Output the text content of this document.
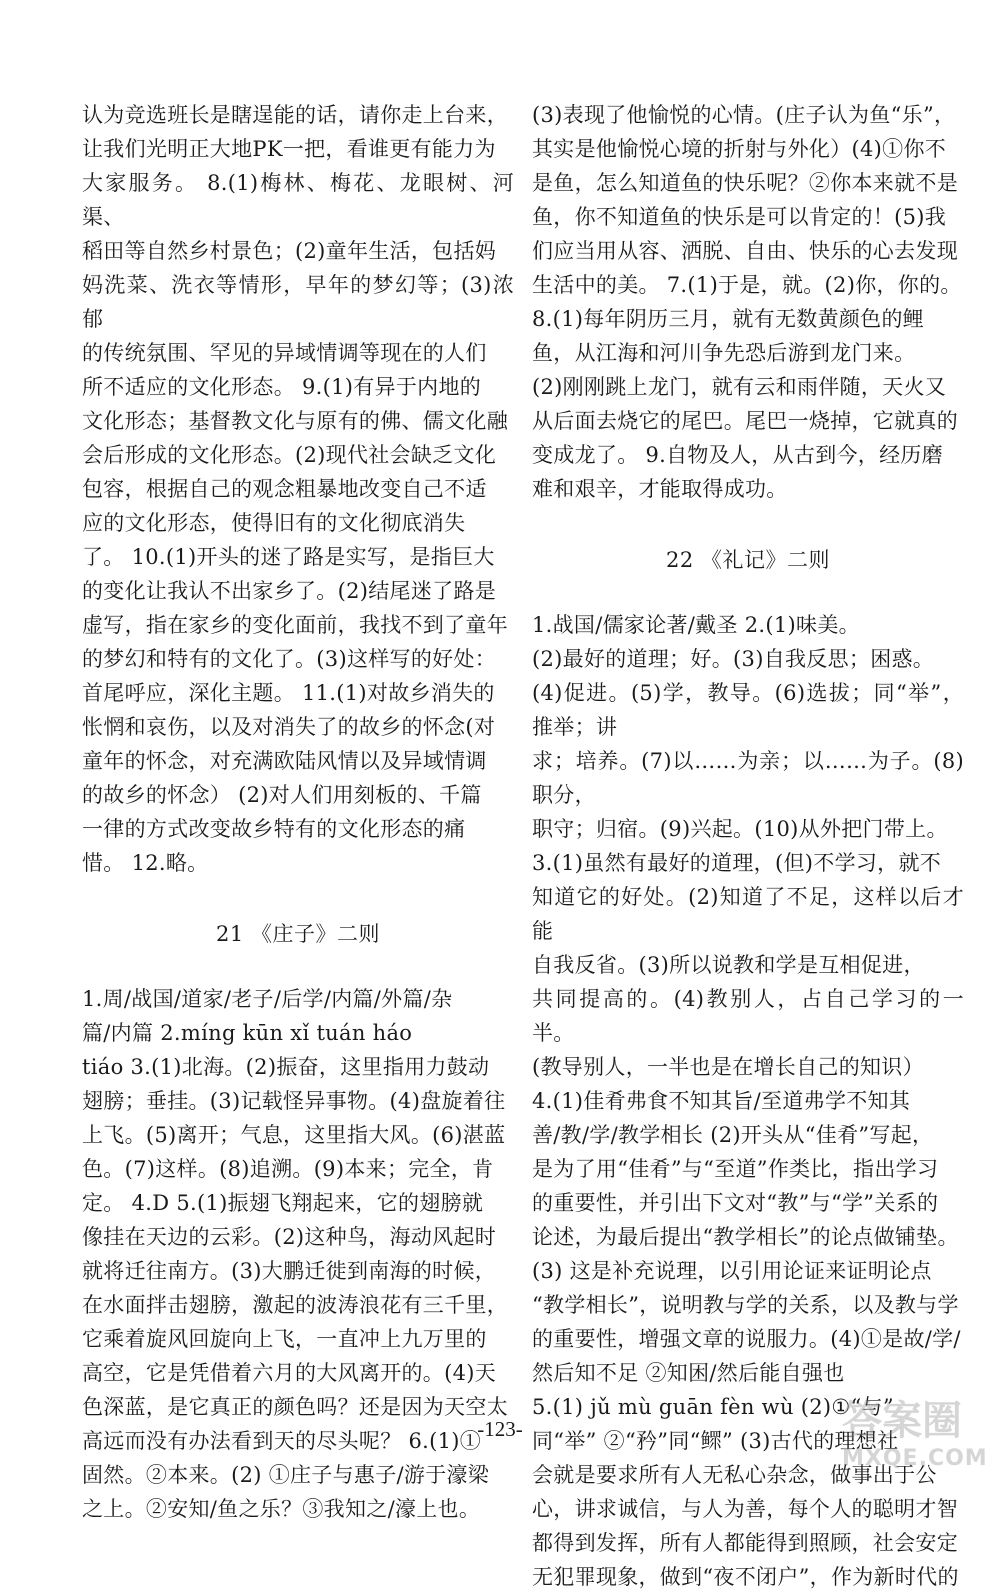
认为竞选班长是瞎逞能的话，请你走上台来，
让我们光明正大地PK一把，看谁更有能力为
大家服务。 8.(1)梅林、梅花、龙眼树、河渠、
稻田等自然乡村景色；(2)童年生活，包括妈
妈洗菜、洗衣等情形，早年的梦幻等；(3)浓郁
的传统氛围、罕见的异域情调等现在的人们
所不适应的文化形态。 9.(1)有异于内地的
文化形态；基督教文化与原有的佛、儒文化融
会后形成的文化形态。(2)现代社会缺乏文化
包容，根据自己的观念粗暴地改变自己不适
应的文化形态，使得旧有的文化彻底消失
了。 10.(1)开头的迷了路是实写，是指巨大
的变化让我认不出家乡了。(2)结尾迷了路是
虚写，指在家乡的变化面前，我找不到了童年
的梦幻和特有的文化了。(3)这样写的好处：
首尾呼应，深化主题。 11.(1)对故乡消失的
怅惘和哀伤，以及对消失了的故乡的怀念(对
童年的怀念，对充满欧陆风情以及异域情调
的故乡的怀念） (2)对人们用刻板的、千篇
一律的方式改变故乡特有的文化形态的痛
惜。 12.略。
21 《庄子》二则
1.周/战国/道家/老子/后学/内篇/外篇/杂
篇/内篇 2.míng kūn xǐ tuán háo
tiáo 3.(1)北海。(2)振奋，这里指用力鼓动
翅膀；垂挂。(3)记载怪异事物。(4)盘旋着往
上飞。(5)离开；气息，这里指大风。(6)湛蓝
色。(7)这样。(8)追溯。(9)本来；完全，肯
定。 4.D 5.(1)振翅飞翔起来，它的翅膀就
像挂在天边的云彩。(2)这种鸟，海动风起时
就将迁往南方。(3)大鹏迁徙到南海的时候，
在水面拌击翅膀，激起的波涛浪花有三千里，
它乘着旋风回旋向上飞，一直冲上九万里的
高空，它是凭借着六月的大风离开的。(4)天
色深蓝，是它真正的颜色吗？还是因为天空太
高远而没有办法看到天的尽头呢？ 6.(1)①
固然。②本来。(2) ①庄子与惠子/游于濠梁
之上。②安知/鱼之乐？③我知之/濠上也。
(3)表现了他愉悦的心情。(庄子认为鱼“乐”，
其实是他愉悦心境的折射与外化）(4)①你不
是鱼，怎么知道鱼的快乐呢？②你本来就不是
鱼，你不知道鱼的快乐是可以肯定的！(5)我
们应当用从容、洒脱、自由、快乐的心去发现
生活中的美。 7.(1)于是，就。(2)你，你的。
8.(1)每年阴历三月，就有无数黄颜色的鲤
鱼，从江海和河川争先恐后游到龙门来。
(2)刚刚跳上龙门，就有云和雨伴随，天火又
从后面去烧它的尾巴。尾巴一烧掉，它就真的
变成龙了。 9.自物及人，从古到今，经历磨
难和艰辛，才能取得成功。
22 《礼记》二则
1.战国/儒家论著/戴圣 2.(1)味美。
(2)最好的道理；好。(3)自我反思；困惑。
(4)促进。(5)学，教导。(6)选拔；同“举”，推举；讲
求；培养。(7)以……为亲；以……为子。(8)职分，
职守；归宿。(9)兴起。(10)从外把门带上。
3.(1)虽然有最好的道理，(但)不学习，就不
知道它的好处。(2)知道了不足，这样以后才能
自我反省。(3)所以说教和学是互相促进，
共同提高的。(4)教别人，占自己学习的一半。
(教导别人，一半也是在增长自己的知识）
4.(1)佳肴弗食不知其旨/至道弗学不知其
善/教/学/教学相长 (2)开头从“佳肴”写起，
是为了用“佳肴”与“至道”作类比，指出学习
的重要性，并引出下文对“教”与“学”关系的
论述，为最后提出“教学相长”的论点做铺垫。
(3) 这是补充说理，以引用论证来证明论点
“教学相长”，说明教与学的关系，以及教与学
的重要性，增强文章的说服力。(4)①是故/学/
然后知不足 ②知困/然后能自强也
5.(1) jǔ mù guān fèn wù (2)①“与”
同“举” ②“矜”同“鳏” (3)古代的理想社
会就是要求所有人无私心杂念，做事出于公
心，讲求诚信，与人为善，每个人的聪明才智
都得到发挥，所有人都能得到照顾，社会安定
无犯罪现象，做到“夜不闭户”，作为新时代的
-123-	答案圈
MXQE.COM
